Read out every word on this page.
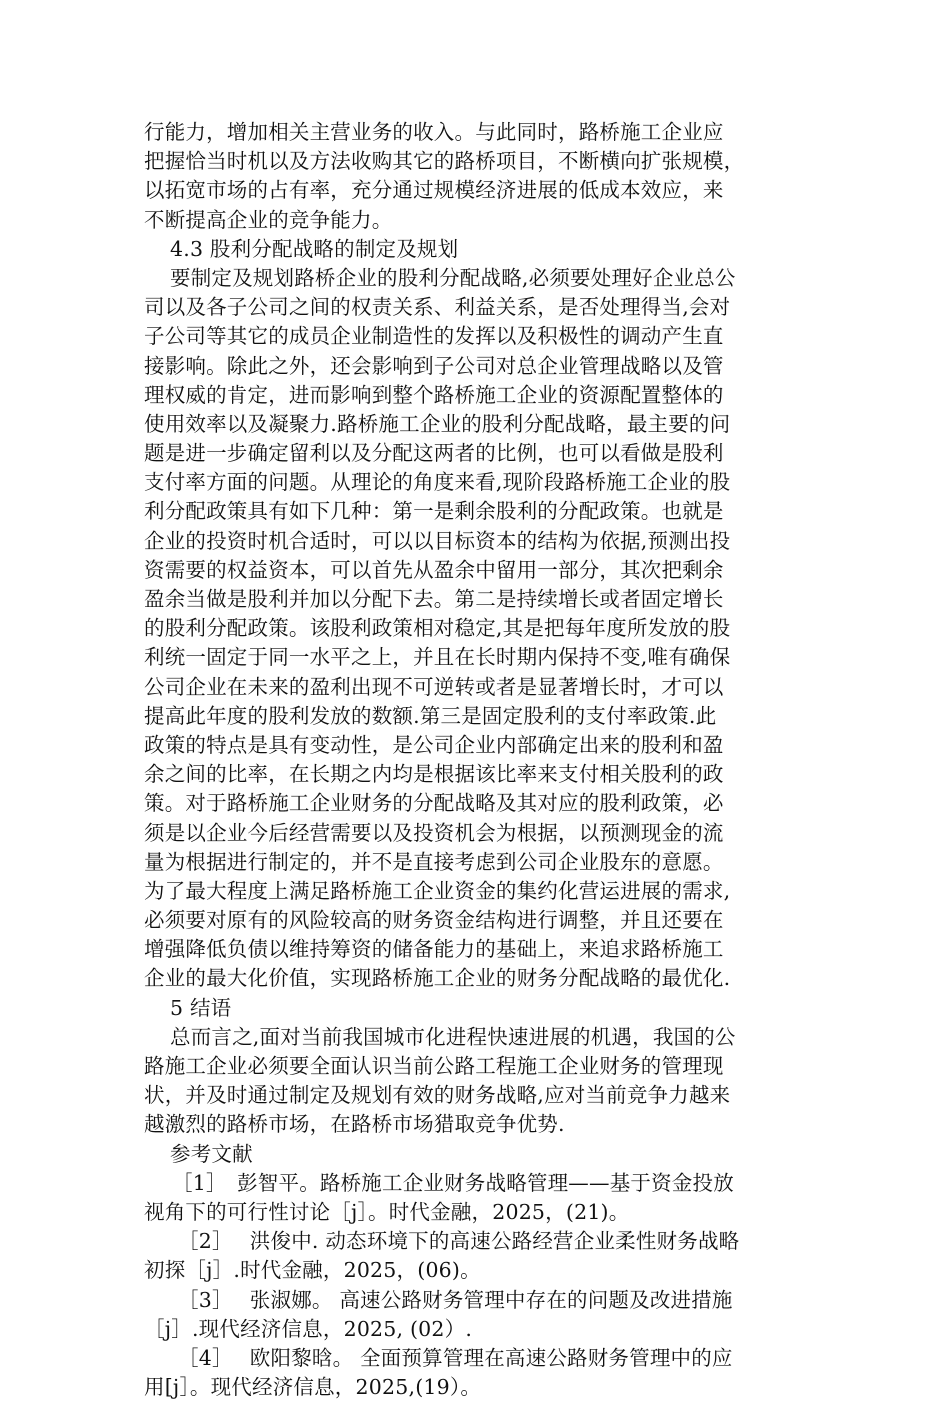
行能力，增加相关主营业务的收入。与此同时，路桥施工企业应
把握恰当时机以及方法收购其它的路桥项目，不断横向扩张规模，
以拓宽市场的占有率，充分通过规模经济进展的低成本效应，来
不断提高企业的竞争能力。
4.3 股利分配战略的制定及规划
要制定及规划路桥企业的股利分配战略,必须要处理好企业总公
司以及各子公司之间的权责关系、利益关系，是否处理得当,会对
子公司等其它的成员企业制造性的发挥以及积极性的调动产生直
接影响。除此之外，还会影响到子公司对总企业管理战略以及管
理权威的肯定，进而影响到整个路桥施工企业的资源配置整体的
使用效率以及凝聚力.路桥施工企业的股利分配战略，最主要的问
题是进一步确定留利以及分配这两者的比例，也可以看做是股利
支付率方面的问题。从理论的角度来看,现阶段路桥施工企业的股
利分配政策具有如下几种：第一是剩余股利的分配政策。也就是
企业的投资时机合适时，可以以目标资本的结构为依据,预测出投
资需要的权益资本，可以首先从盈余中留用一部分，其次把剩余
盈余当做是股利并加以分配下去。第二是持续增长或者固定增长
的股利分配政策。该股利政策相对稳定,其是把每年度所发放的股
利统一固定于同一水平之上，并且在长时期内保持不变,唯有确保
公司企业在未来的盈利出现不可逆转或者是显著增长时，才可以
提高此年度的股利发放的数额.第三是固定股利的支付率政策.此
政策的特点是具有变动性，是公司企业内部确定出来的股利和盈
余之间的比率，在长期之内均是根据该比率来支付相关股利的政
策。对于路桥施工企业财务的分配战略及其对应的股利政策，必
须是以企业今后经营需要以及投资机会为根据，以预测现金的流
量为根据进行制定的，并不是直接考虑到公司企业股东的意愿。
为了最大程度上满足路桥施工企业资金的集约化营运进展的需求,
必须要对原有的风险较高的财务资金结构进行调整，并且还要在
增强降低负债以维持筹资的储备能力的基础上，来追求路桥施工
企业的最大化价值，实现路桥施工企业的财务分配战略的最优化.
5 结语
总而言之,面对当前我国城市化进程快速进展的机遇，我国的公
路施工企业必须要全面认识当前公路工程施工企业财务的管理现
状，并及时通过制定及规划有效的财务战略,应对当前竞争力越来
越激烈的路桥市场，在路桥市场猎取竞争优势.
参考文献
［1］　彭智平。路桥施工企业财务战略管理——基于资金投放
视角下的可行性讨论［j］。时代金融，2025，(21)。
［2］　 洪俊中. 动态环境下的高速公路经营企业柔性财务战略
初探［j］.时代金融，2025，(06)。
［3］　 张淑娜。 高速公路财务管理中存在的问题及改进措施
［j］.现代经济信息，2025, (02）.
［4］　 欧阳黎晗。 全面预算管理在高速公路财务管理中的应
用[j］。现代经济信息，2025,(19）。
